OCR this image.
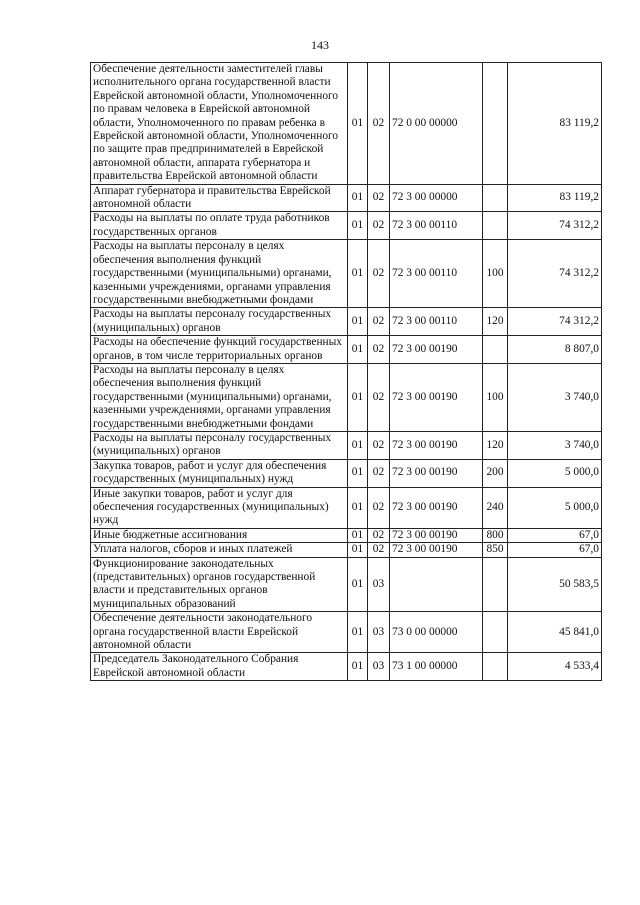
143
Обеспечение деятельности заместителей главы исполнительного органа государственной власти Еврейской автономной области, Уполномоченного по правам человека в Еврейской автономной области, Уполномоченного по правам ребенка в Еврейской автономной области, Уполномоченного по защите прав предпринимателей в Еврейской автономной области, аппарата губернатора и правительства Еврейской автономной области	01	02	72 0 00 00000		83 119,2
Аппарат губернатора и правительства Еврейской автономной области	01	02	72 3 00 00000		83 119,2
Расходы на выплаты по оплате труда работников государственных органов	01	02	72 3 00 00110		74 312,2
Расходы на выплаты персоналу в целях обеспечения выполнения функций государственными (муниципальными) органами, казенными учреждениями, органами управления государственными внебюджетными фондами	01	02	72 3 00 00110	100	74 312,2
Расходы на выплаты персоналу государственных (муниципальных) органов	01	02	72 3 00 00110	120	74 312,2
Расходы на обеспечение функций государственных органов, в том числе территориальных органов	01	02	72 3 00 00190		8 807,0
Расходы на выплаты персоналу в целях обеспечения выполнения функций государственными (муниципальными) органами, казенными учреждениями, органами управления государственными внебюджетными фондами	01	02	72 3 00 00190	100	3 740,0
Расходы на выплаты персоналу государственных (муниципальных) органов	01	02	72 3 00 00190	120	3 740,0
Закупка товаров, работ и услуг для обеспечения государственных (муниципальных) нужд	01	02	72 3 00 00190	200	5 000,0
Иные закупки товаров, работ и услуг для обеспечения государственных (муниципальных) нужд	01	02	72 3 00 00190	240	5 000,0
Иные бюджетные ассигнования	01	02	72 3 00 00190	800	67,0
Уплата налогов, сборов и иных платежей	01	02	72 3 00 00190	850	67,0
Функционирование законодательных (представительных) органов государственной власти и представительных органов муниципальных образований	01	03			50 583,5
Обеспечение деятельности законодательного органа государственной власти Еврейской автономной области	01	03	73 0 00 00000		45 841,0
Председатель Законодательного Собрания Еврейской автономной области	01	03	73 1 00 00000		4 533,4
